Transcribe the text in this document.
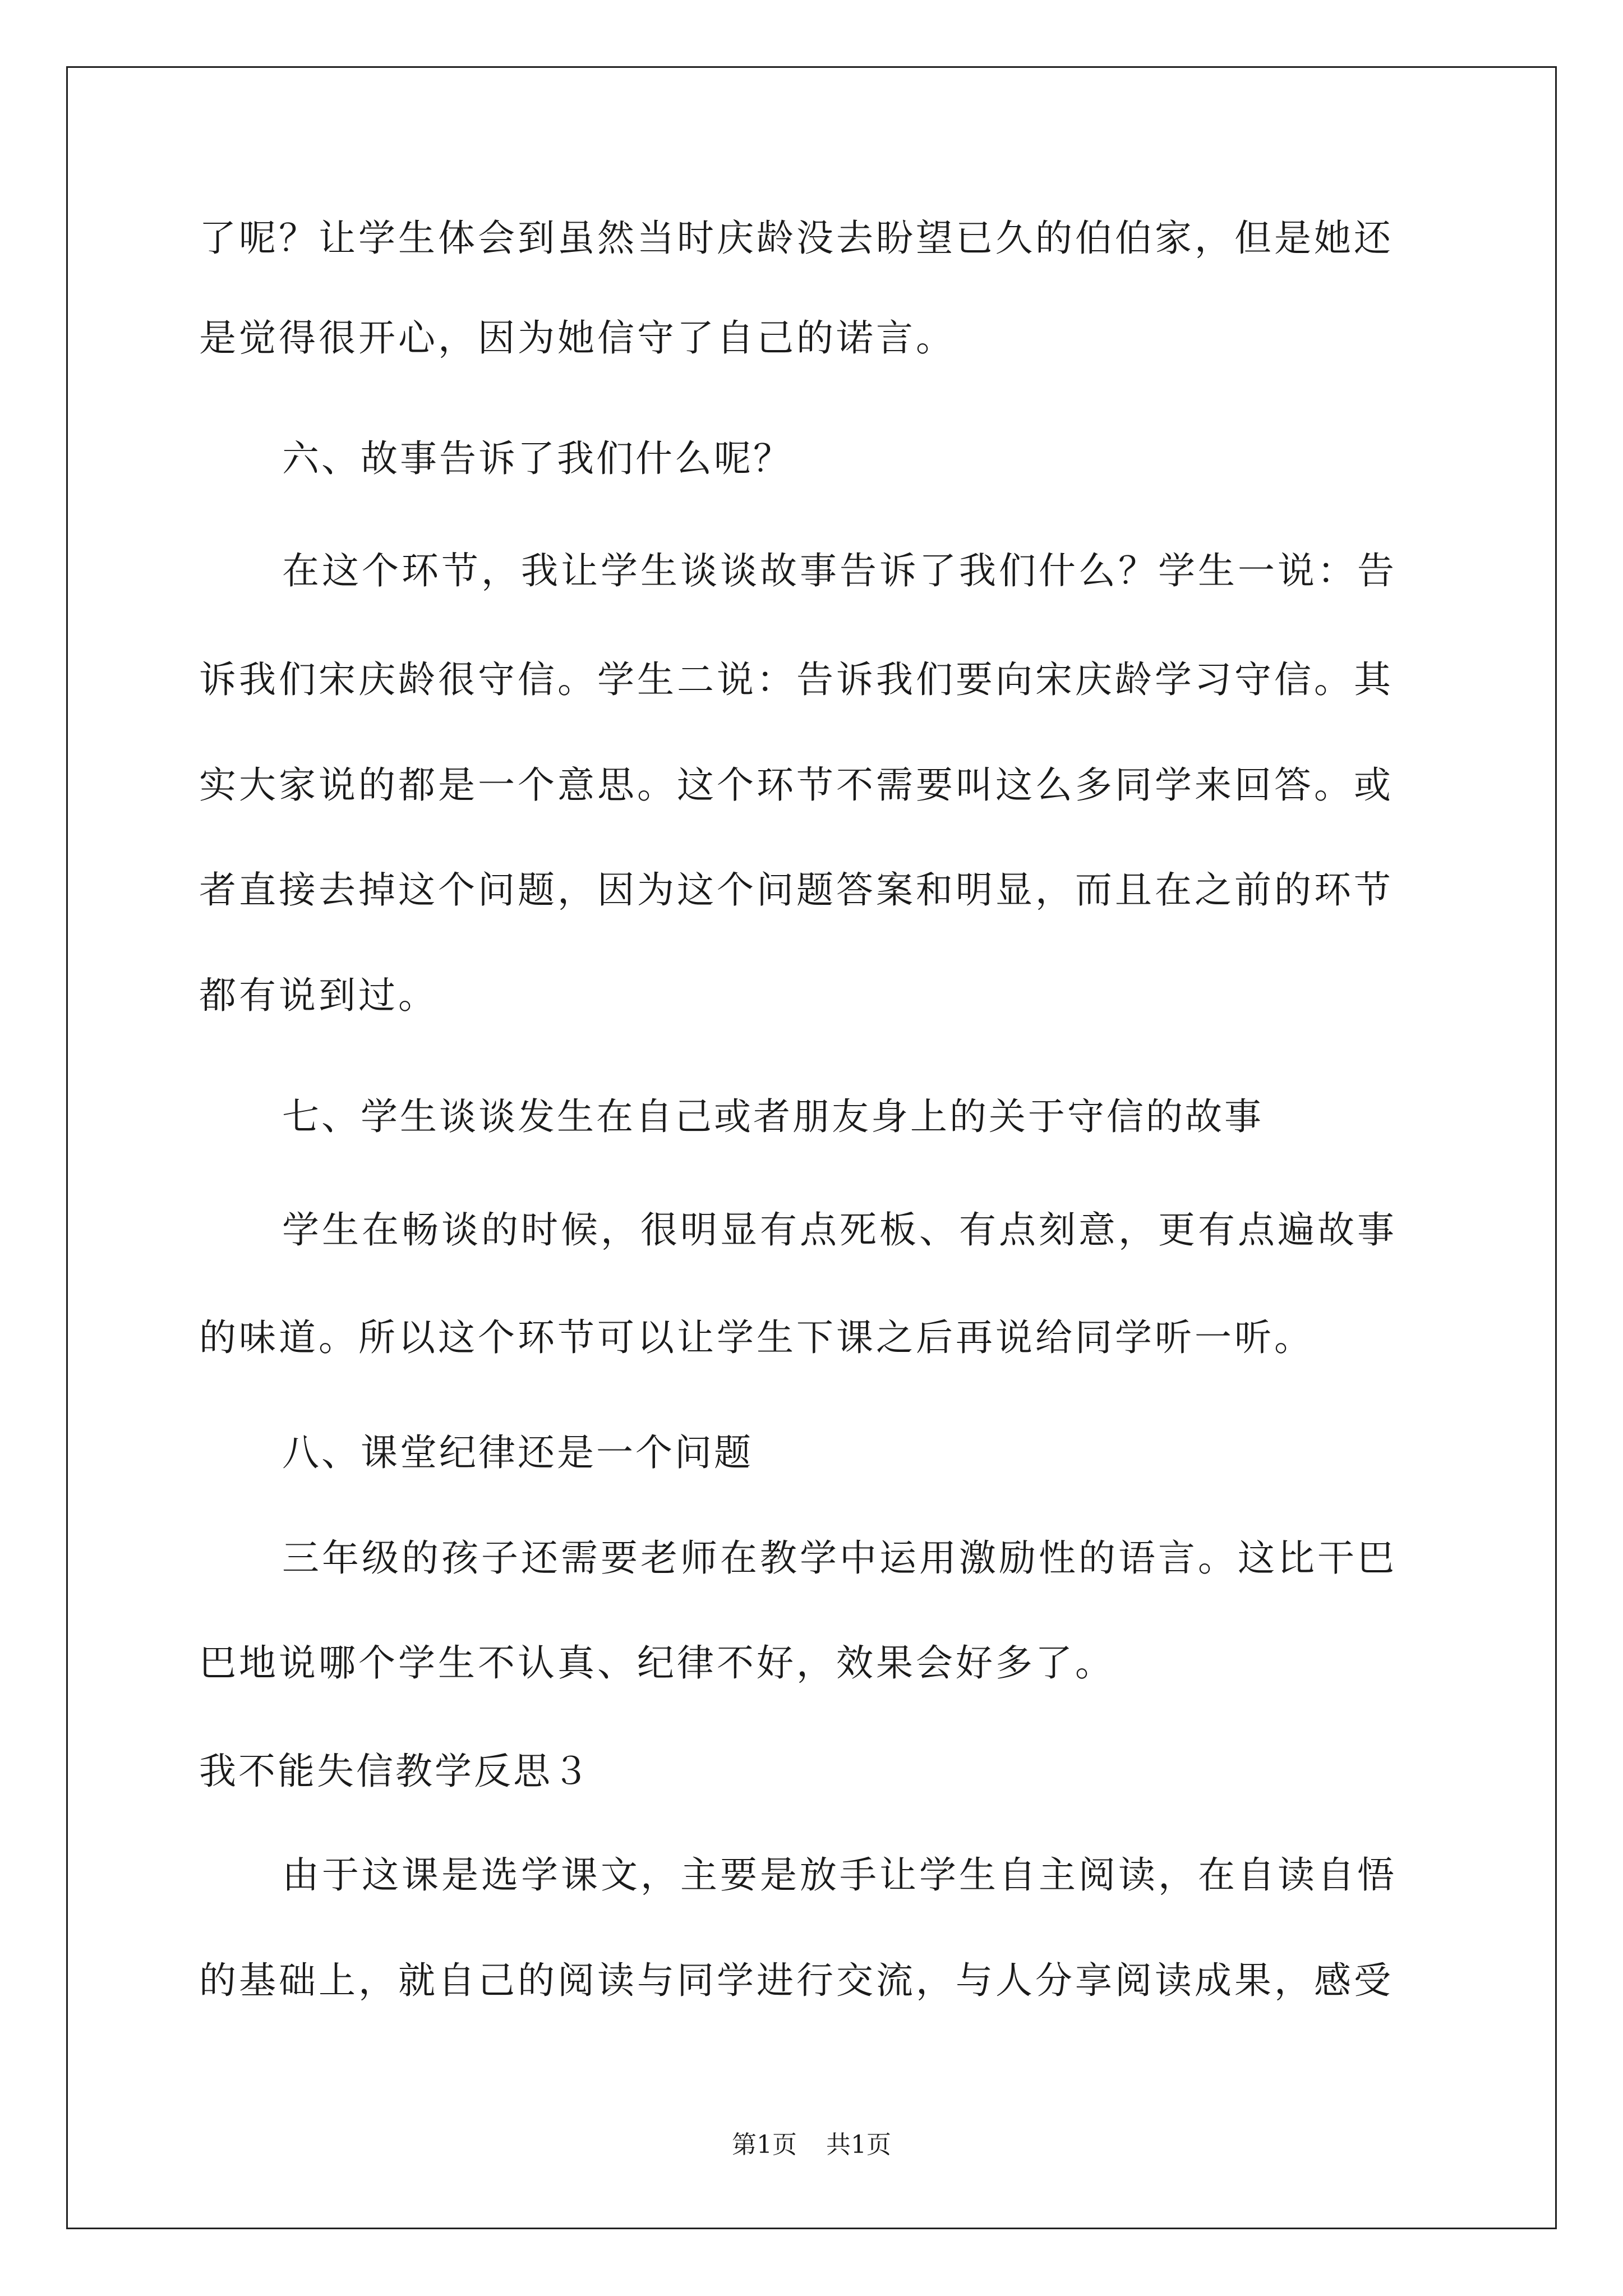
了呢？让学生体会到虽然当时庆龄没去盼望已久的伯伯家，但是她还
是觉得很开心，因为她信守了自己的诺言。
六、故事告诉了我们什么呢？
在这个环节，我让学生谈谈故事告诉了我们什么？学生一说：告
诉我们宋庆龄很守信。学生二说：告诉我们要向宋庆龄学习守信。其
实大家说的都是一个意思。这个环节不需要叫这么多同学来回答。或
者直接去掉这个问题，因为这个问题答案和明显，而且在之前的环节
都有说到过。
七、学生谈谈发生在自己或者朋友身上的关于守信的故事
学生在畅谈的时候，很明显有点死板、有点刻意，更有点遍故事
的味道。所以这个环节可以让学生下课之后再说给同学听一听。
八、课堂纪律还是一个问题
三年级的孩子还需要老师在教学中运用激励性的语言。这比干巴
巴地说哪个学生不认真、纪律不好，效果会好多了。
我不能失信教学反思３
由于这课是选学课文，主要是放手让学生自主阅读，在自读自悟
的基础上，就自己的阅读与同学进行交流，与人分享阅读成果，感受
第1页 共1页
